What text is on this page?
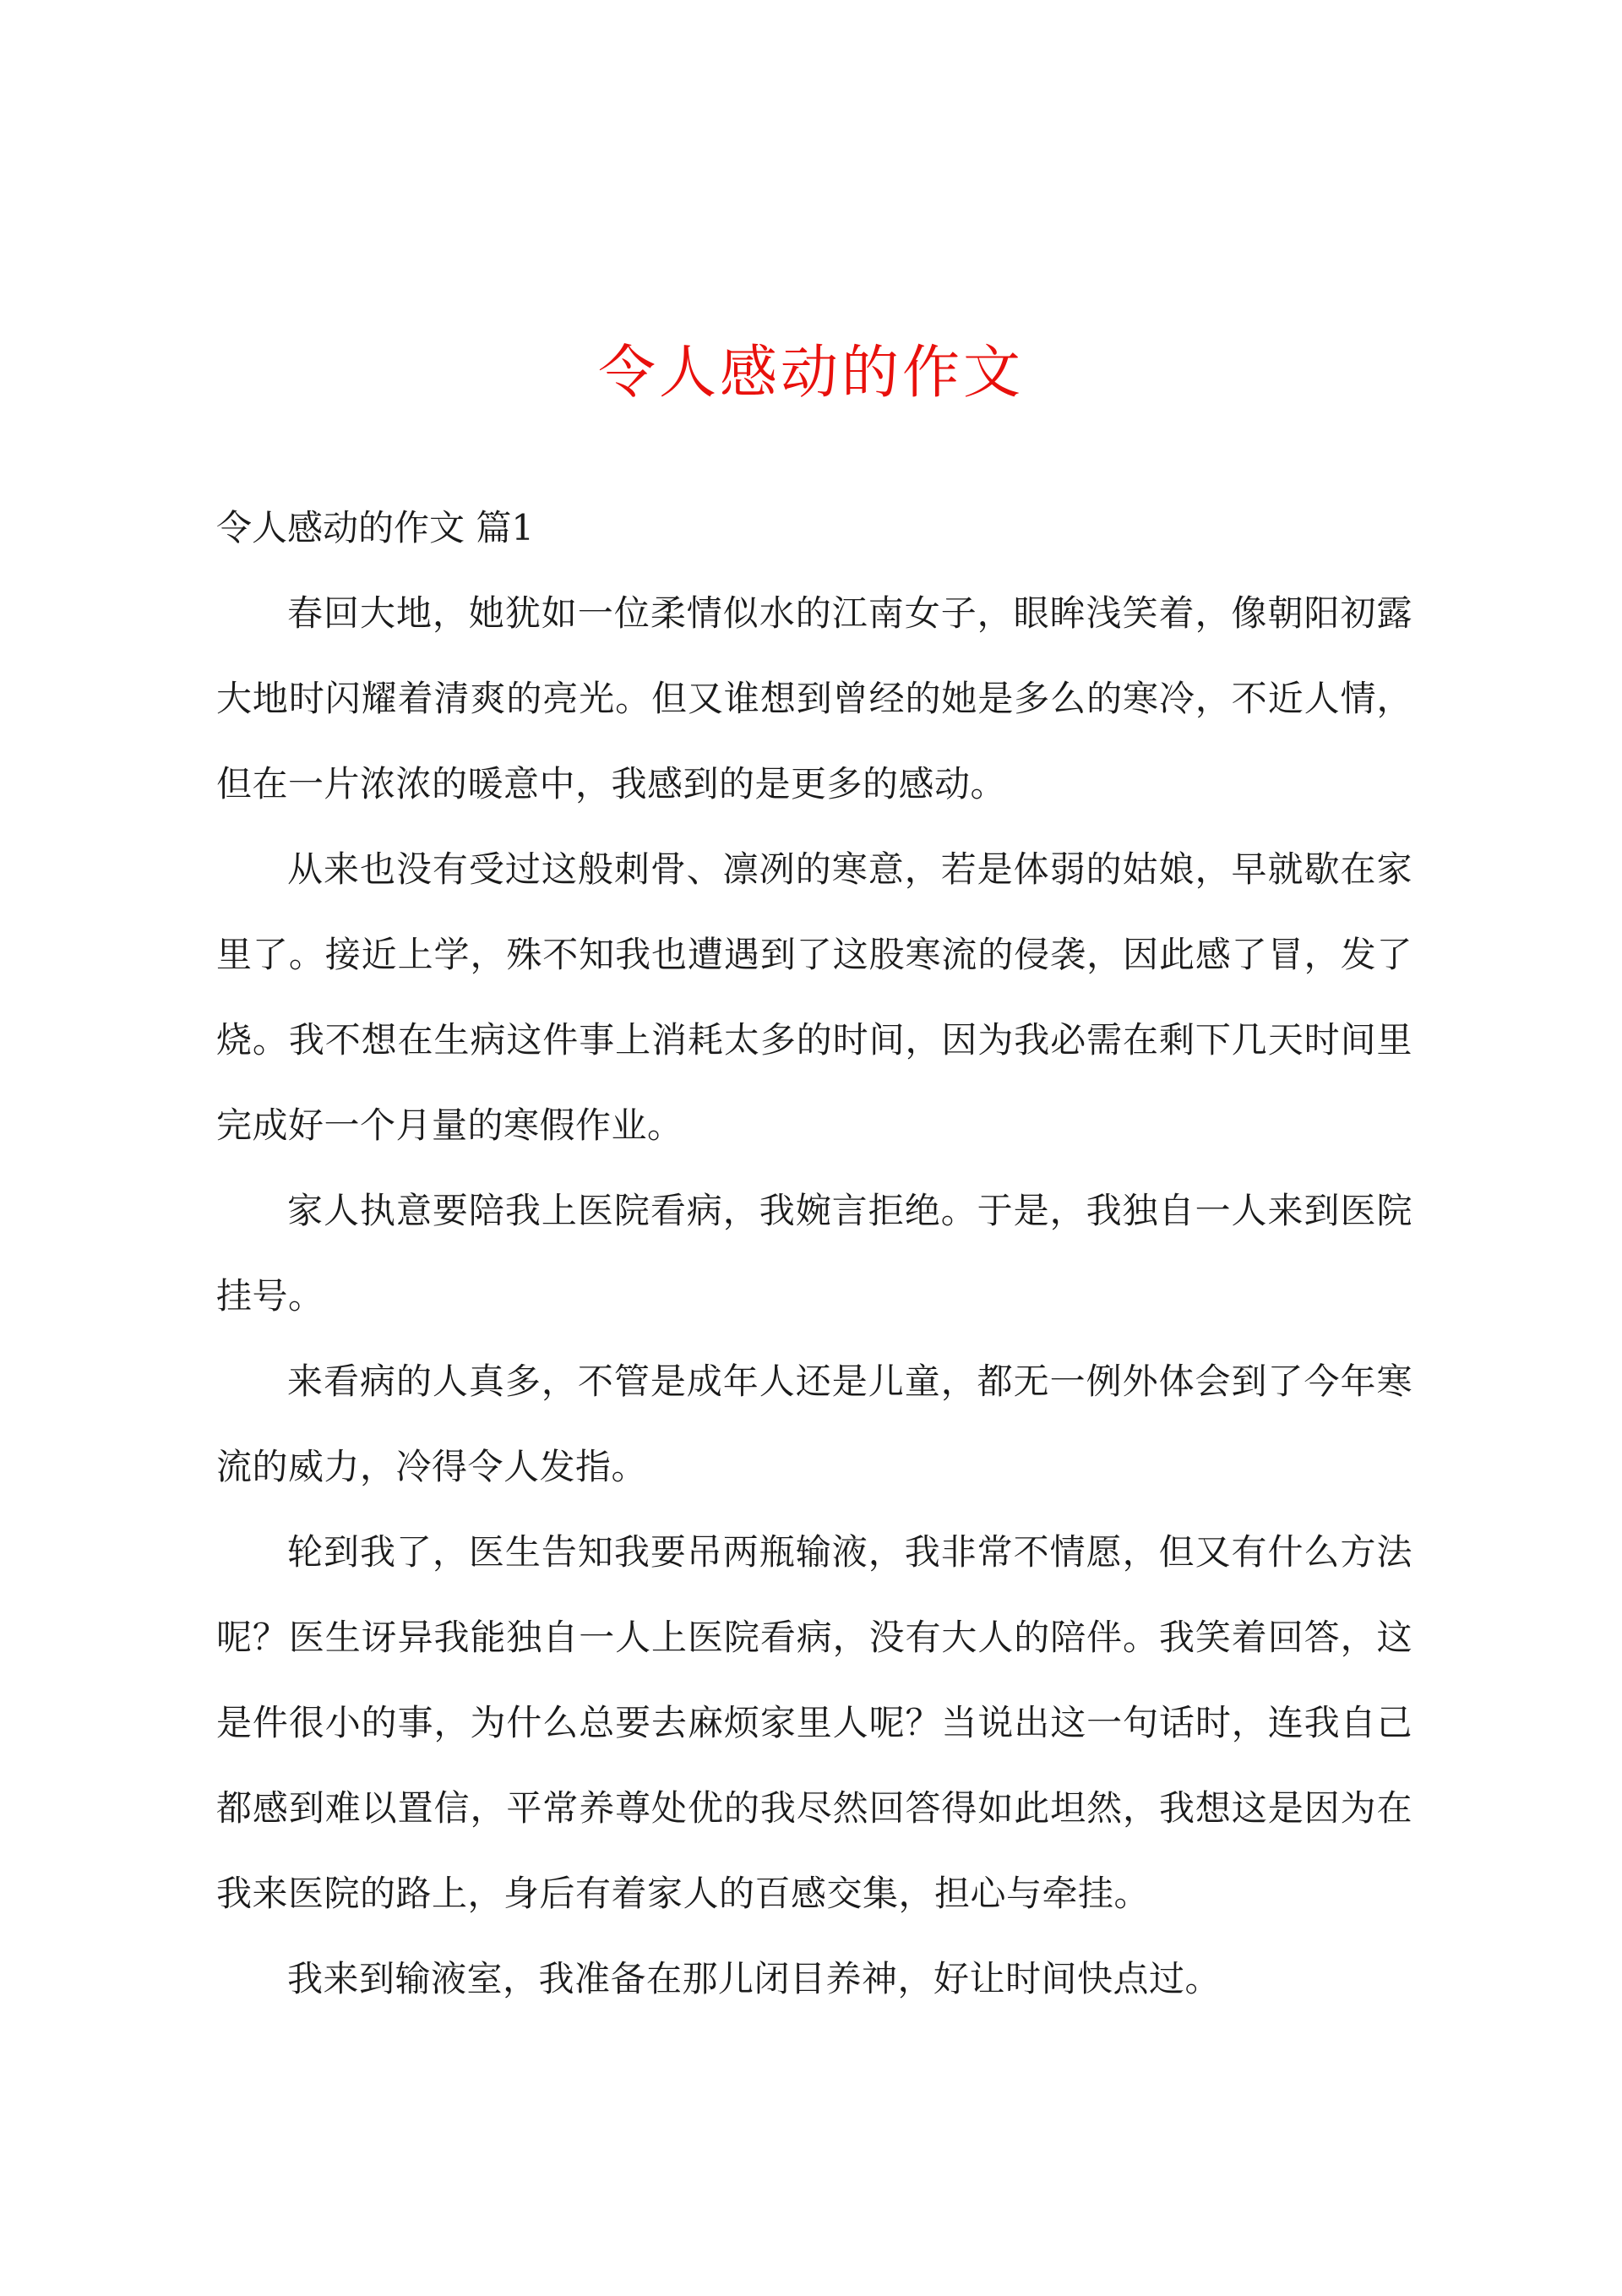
令人感动的作文

令人感动的作文 篇1

春回大地，她犹如一位柔情似水的江南女子，眼眸浅笑着，像朝阳初露大地时闪耀着清爽的亮光。但又谁想到曾经的她是多么的寒冷，不近人情，但在一片浓浓的暖意中，我感到的是更多的感动。

从来也没有受过这般刺骨、凛冽的寒意，若是体弱的姑娘，早就歇在家里了。接近上学，殊不知我也遭遇到了这股寒流的侵袭，因此感了冒，发了烧。我不想在生病这件事上消耗太多的时间，因为我必需在剩下几天时间里完成好一个月量的寒假作业。

家人执意要陪我上医院看病，我婉言拒绝。于是，我独自一人来到医院挂号。

来看病的人真多，不管是成年人还是儿童，都无一例外体会到了今年寒流的威力，冷得令人发指。

轮到我了，医生告知我要吊两瓶输液，我非常不情愿，但又有什么方法呢？医生讶异我能独自一人上医院看病，没有大人的陪伴。我笑着回答，这是件很小的事，为什么总要去麻烦家里人呢？当说出这一句话时，连我自己都感到难以置信，平常养尊处优的我尽然回答得如此坦然，我想这是因为在我来医院的路上，身后有着家人的百感交集，担心与牵挂。

我来到输液室，我准备在那儿闭目养神，好让时间快点过。
